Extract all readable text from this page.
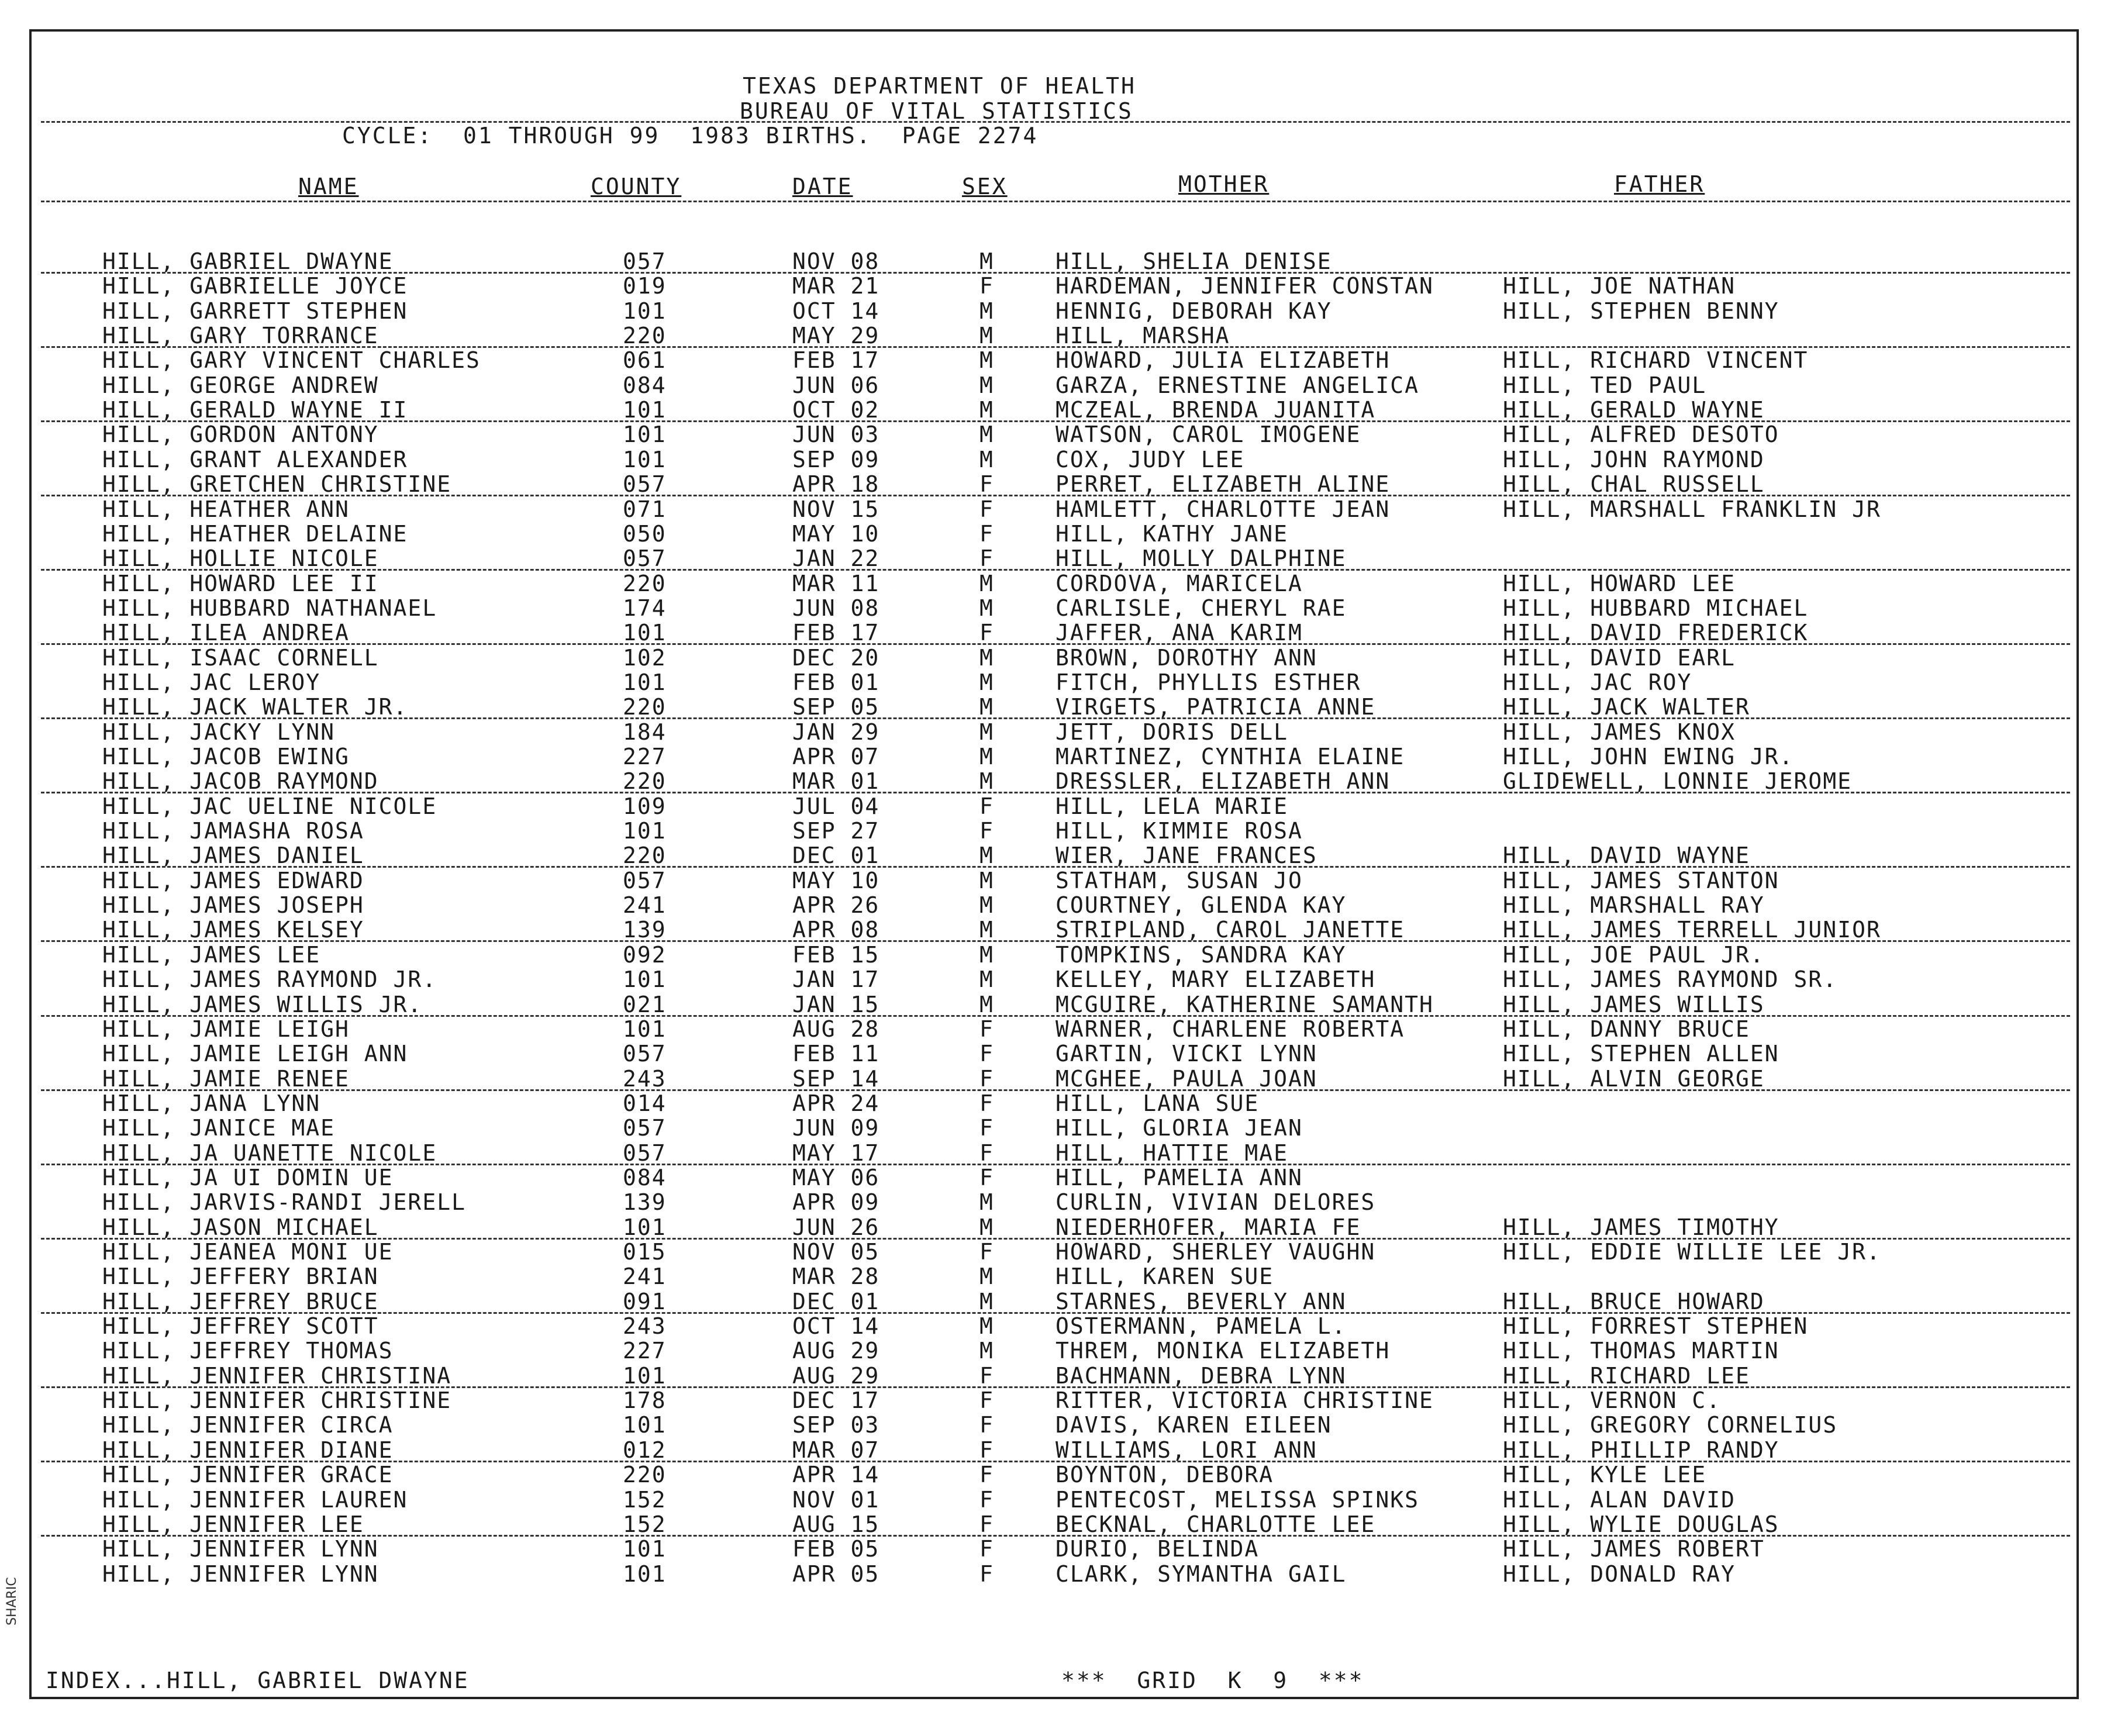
TEXAS DEPARTMENT OF HEALTH
BUREAU OF VITAL STATISTICS
CYCLE:  01 THROUGH 99  1983 BIRTHS.  PAGE 2274
NAME	COUNTY	DATE	SEX	MOTHER	FATHER
HILL, GABRIEL DWAYNE	057	NOV 08	M	HILL, SHELIA DENISE
HILL, GABRIELLE JOYCE	019	MAR 21	F	HARDEMAN, JENNIFER CONSTAN	HILL, JOE NATHAN
HILL, GARRETT STEPHEN	101	OCT 14	M	HENNIG, DEBORAH KAY	HILL, STEPHEN BENNY
HILL, GARY TORRANCE	220	MAY 29	M	HILL, MARSHA
HILL, GARY VINCENT CHARLES	061	FEB 17	M	HOWARD, JULIA ELIZABETH	HILL, RICHARD VINCENT
HILL, GEORGE ANDREW	084	JUN 06	M	GARZA, ERNESTINE ANGELICA	HILL, TED PAUL
HILL, GERALD WAYNE II	101	OCT 02	M	MCZEAL, BRENDA JUANITA	HILL, GERALD WAYNE
HILL, GORDON ANTONY	101	JUN 03	M	WATSON, CAROL IMOGENE	HILL, ALFRED DESOTO
HILL, GRANT ALEXANDER	101	SEP 09	M	COX, JUDY LEE	HILL, JOHN RAYMOND
HILL, GRETCHEN CHRISTINE	057	APR 18	F	PERRET, ELIZABETH ALINE	HILL, CHAL RUSSELL
HILL, HEATHER ANN	071	NOV 15	F	HAMLETT, CHARLOTTE JEAN	HILL, MARSHALL FRANKLIN JR
HILL, HEATHER DELAINE	050	MAY 10	F	HILL, KATHY JANE
HILL, HOLLIE NICOLE	057	JAN 22	F	HILL, MOLLY DALPHINE
HILL, HOWARD LEE II	220	MAR 11	M	CORDOVA, MARICELA	HILL, HOWARD LEE
HILL, HUBBARD NATHANAEL	174	JUN 08	M	CARLISLE, CHERYL RAE	HILL, HUBBARD MICHAEL
HILL, ILEA ANDREA	101	FEB 17	F	JAFFER, ANA KARIM	HILL, DAVID FREDERICK
HILL, ISAAC CORNELL	102	DEC 20	M	BROWN, DOROTHY ANN	HILL, DAVID EARL
HILL, JAC LEROY	101	FEB 01	M	FITCH, PHYLLIS ESTHER	HILL, JAC ROY
HILL, JACK WALTER JR.	220	SEP 05	M	VIRGETS, PATRICIA ANNE	HILL, JACK WALTER
HILL, JACKY LYNN	184	JAN 29	M	JETT, DORIS DELL	HILL, JAMES KNOX
HILL, JACOB EWING	227	APR 07	M	MARTINEZ, CYNTHIA ELAINE	HILL, JOHN EWING JR.
HILL, JACOB RAYMOND	220	MAR 01	M	DRESSLER, ELIZABETH ANN	GLIDEWELL, LONNIE JEROME
HILL, JAC UELINE NICOLE	109	JUL 04	F	HILL, LELA MARIE
HILL, JAMASHA ROSA	101	SEP 27	F	HILL, KIMMIE ROSA
HILL, JAMES DANIEL	220	DEC 01	M	WIER, JANE FRANCES	HILL, DAVID WAYNE
HILL, JAMES EDWARD	057	MAY 10	M	STATHAM, SUSAN JO	HILL, JAMES STANTON
HILL, JAMES JOSEPH	241	APR 26	M	COURTNEY, GLENDA KAY	HILL, MARSHALL RAY
HILL, JAMES KELSEY	139	APR 08	M	STRIPLAND, CAROL JANETTE	HILL, JAMES TERRELL JUNIOR
HILL, JAMES LEE	092	FEB 15	M	TOMPKINS, SANDRA KAY	HILL, JOE PAUL JR.
HILL, JAMES RAYMOND JR.	101	JAN 17	M	KELLEY, MARY ELIZABETH	HILL, JAMES RAYMOND SR.
HILL, JAMES WILLIS JR.	021	JAN 15	M	MCGUIRE, KATHERINE SAMANTH	HILL, JAMES WILLIS
HILL, JAMIE LEIGH	101	AUG 28	F	WARNER, CHARLENE ROBERTA	HILL, DANNY BRUCE
HILL, JAMIE LEIGH ANN	057	FEB 11	F	GARTIN, VICKI LYNN	HILL, STEPHEN ALLEN
HILL, JAMIE RENEE	243	SEP 14	F	MCGHEE, PAULA JOAN	HILL, ALVIN GEORGE
HILL, JANA LYNN	014	APR 24	F	HILL, LANA SUE
HILL, JANICE MAE	057	JUN 09	F	HILL, GLORIA JEAN
HILL, JA UANETTE NICOLE	057	MAY 17	F	HILL, HATTIE MAE
HILL, JA UI DOMIN UE	084	MAY 06	F	HILL, PAMELIA ANN
HILL, JARVIS-RANDI JERELL	139	APR 09	M	CURLIN, VIVIAN DELORES
HILL, JASON MICHAEL	101	JUN 26	M	NIEDERHOFER, MARIA FE	HILL, JAMES TIMOTHY
HILL, JEANEA MONI UE	015	NOV 05	F	HOWARD, SHERLEY VAUGHN	HILL, EDDIE WILLIE LEE JR.
HILL, JEFFERY BRIAN	241	MAR 28	M	HILL, KAREN SUE
HILL, JEFFREY BRUCE	091	DEC 01	M	STARNES, BEVERLY ANN	HILL, BRUCE HOWARD
HILL, JEFFREY SCOTT	243	OCT 14	M	OSTERMANN, PAMELA L.	HILL, FORREST STEPHEN
HILL, JEFFREY THOMAS	227	AUG 29	M	THREM, MONIKA ELIZABETH	HILL, THOMAS MARTIN
HILL, JENNIFER CHRISTINA	101	AUG 29	F	BACHMANN, DEBRA LYNN	HILL, RICHARD LEE
HILL, JENNIFER CHRISTINE	178	DEC 17	F	RITTER, VICTORIA CHRISTINE	HILL, VERNON C.
HILL, JENNIFER CIRCA	101	SEP 03	F	DAVIS, KAREN EILEEN	HILL, GREGORY CORNELIUS
HILL, JENNIFER DIANE	012	MAR 07	F	WILLIAMS, LORI ANN	HILL, PHILLIP RANDY
HILL, JENNIFER GRACE	220	APR 14	F	BOYNTON, DEBORA	HILL, KYLE LEE
HILL, JENNIFER LAUREN	152	NOV 01	F	PENTECOST, MELISSA SPINKS	HILL, ALAN DAVID
HILL, JENNIFER LEE	152	AUG 15	F	BECKNAL, CHARLOTTE LEE	HILL, WYLIE DOUGLAS
HILL, JENNIFER LYNN	101	FEB 05	F	DURIO, BELINDA	HILL, JAMES ROBERT
HILL, JENNIFER LYNN	101	APR 05	F	CLARK, SYMANTHA GAIL	HILL, DONALD RAY
INDEX...HILL, GABRIEL DWAYNE	***  GRID  K  9  ***
SHARIC
